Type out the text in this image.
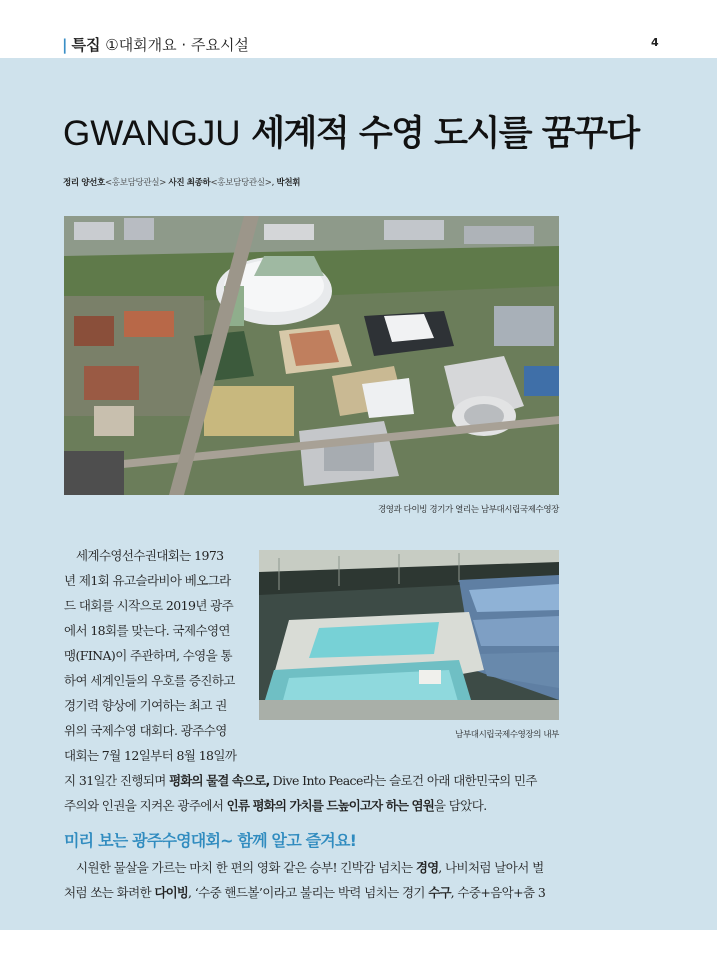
| 특집 ①대회개요 · 주요시설	4
GWANGJU 세계적 수영 도시를 꿈꾸다
정리 양선호<홍보담당관실> 사진 최종하<홍보담당관실>, 박천휘
경영과 다이빙 경기가 열리는 남부대시립국제수영장
남부대시립국제수영장의 내부
세계수영선수권대회는 1973
년 제1회 유고슬라비아 베오그라
드 대회를 시작으로 2019년 광주
에서 18회를 맞는다. 국제수영연
맹(FINA)이 주관하며, 수영을 통
하여 세계인들의 우호를 증진하고
경기력 향상에 기여하는 최고 권
위의 국제수영 대회다. 광주수영
대회는 7월 12일부터 8월 18일까
지 31일간 진행되며 평화의 물결 속으로, Dive Into Peace라는 슬로건 아래 대한민국의 민주
주의와 인권을 지켜온 광주에서 인류 평화의 가치를 드높이고자 하는 염원을 담았다.
미리 보는 광주수영대회~ 함께 알고 즐겨요!
시원한 물살을 가르는 마치 한 편의 영화 같은 승부! 긴박감 넘치는 경영, 나비처럼 날아서 벌
처럼 쏘는 화려한 다이빙, ‘수중 핸드볼’이라고 불리는 박력 넘치는 경기 수구, 수중+음악+춤 3
